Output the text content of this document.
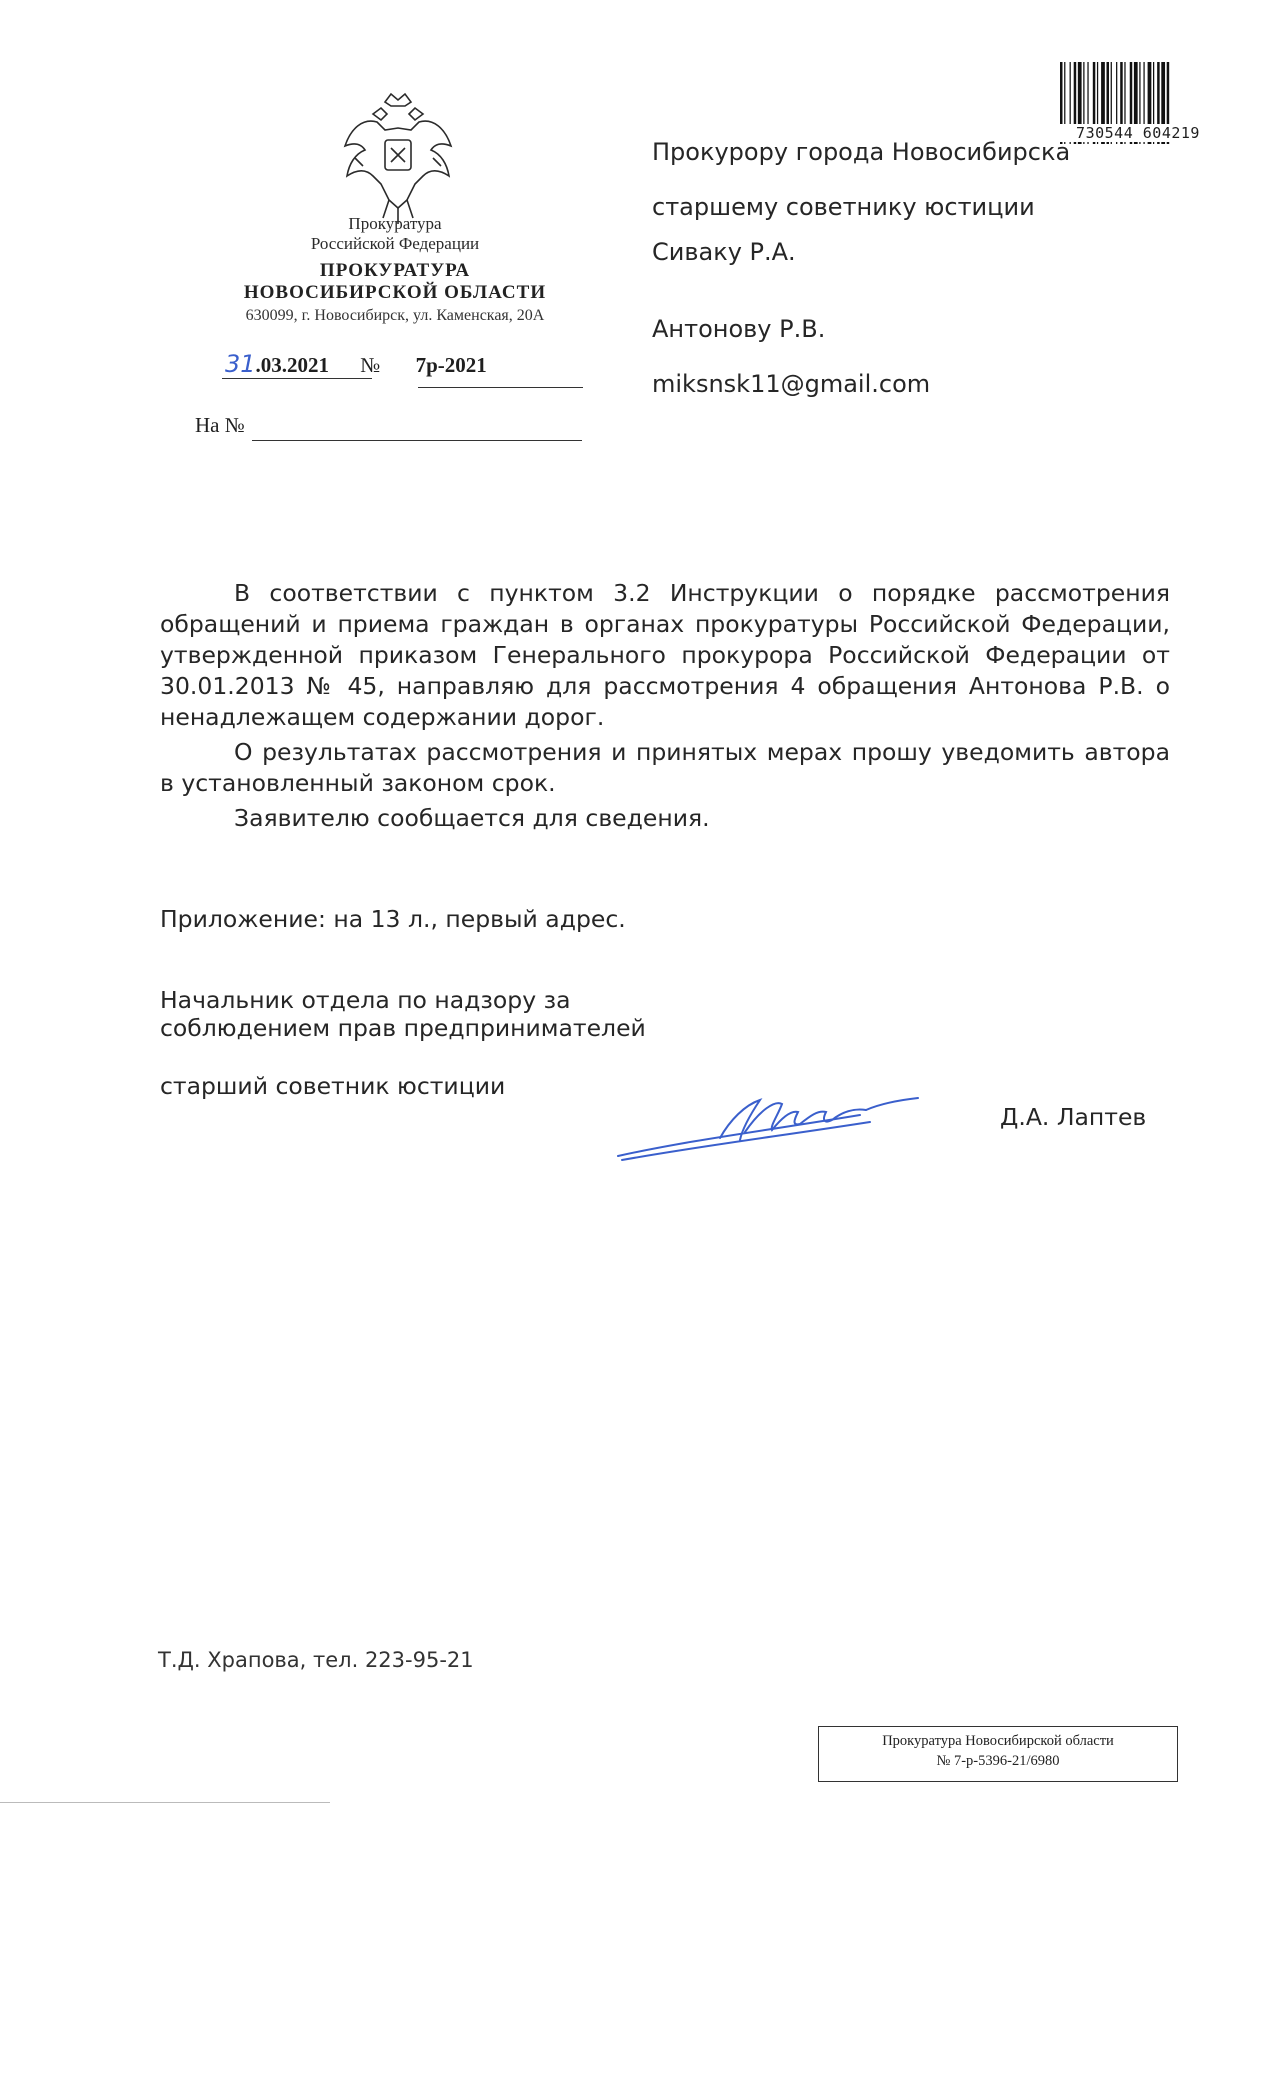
Прокуратура
Российской Федерации
ПРОКУРАТУРА
НОВОСИБИРСКОЙ ОБЛАСТИ
630099, г. Новосибирск, ул. Каменская, 20А
31.03.2021 № 7р-2021
На №
730544 604219
Прокурору города Новосибирска
старшему советнику юстиции
Сиваку Р.А.
Антонову Р.В.
miksnsk11@gmail.com

В соответствии с пунктом 3.2 Инструкции о порядке рассмотрения обращений и приема граждан в органах прокуратуры Российской Федерации, утвержденной приказом Генерального прокурора Российской Федерации от 30.01.2013 № 45, направляю для рассмотрения 4 обращения Антонова Р.В. о ненадлежащем содержании дорог.

О результатах рассмотрения и принятых мерах прошу уведомить автора в установленный законом срок.

Заявителю сообщается для сведения.

Приложение: на 13 л., первый адрес.
Начальник отдела по надзору за
соблюдением прав предпринимателей
старший советник юстиции
Д.А. Лаптев
Т.Д. Храпова, тел. 223-95-21
Прокуратура Новосибирской области
№ 7-р-5396-21/6980
